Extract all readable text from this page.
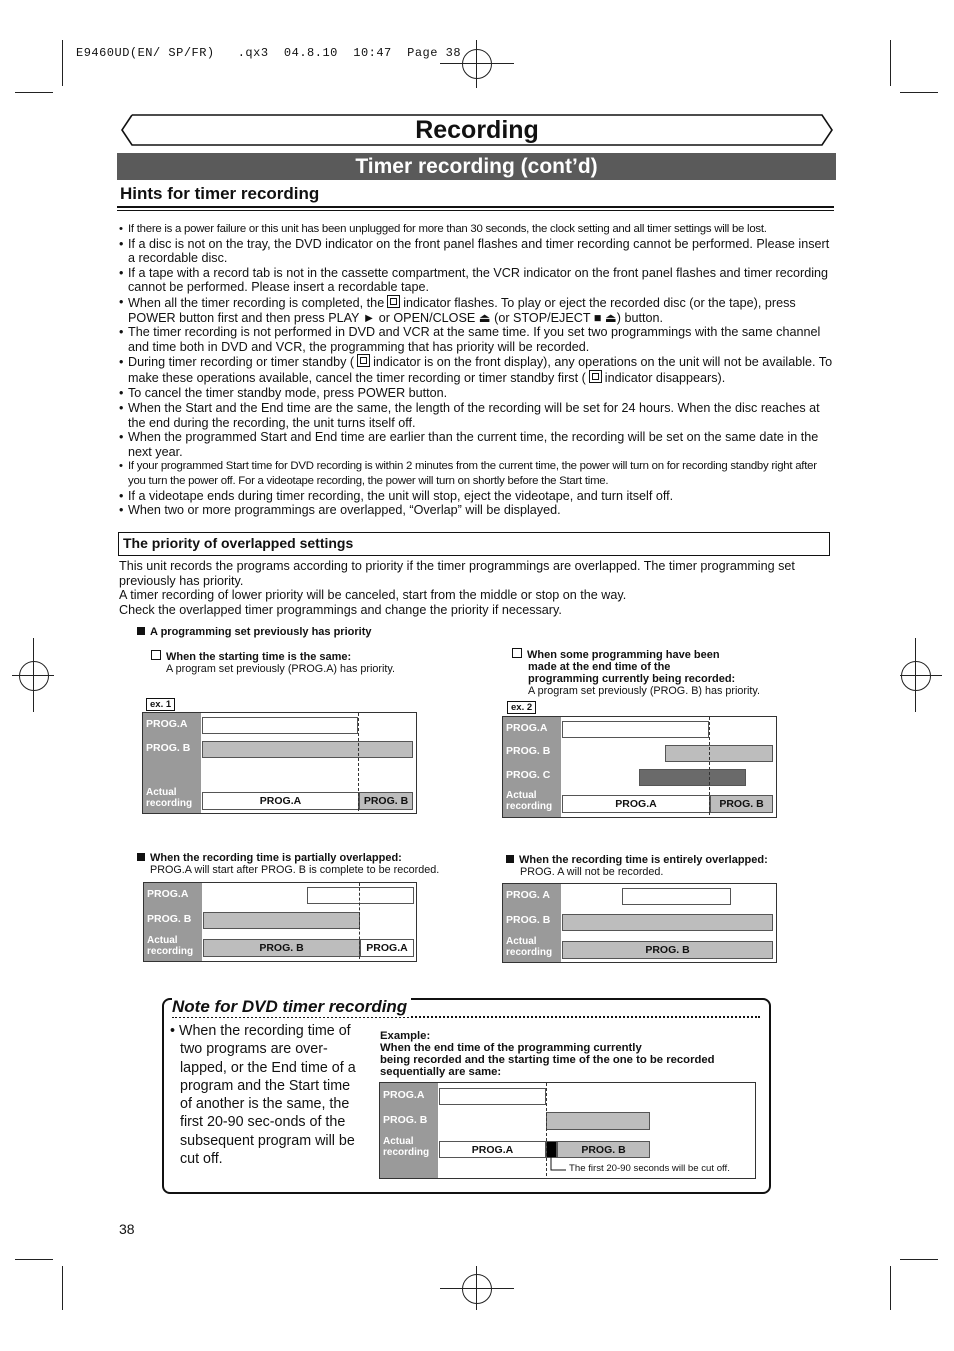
E9460UD(EN/ SP/FR)   .qx3  04.8.10  10:47  Page 38
Recording
Timer recording (cont’d)
Hints for timer recording
• If there is a power failure or this unit has been unplugged for more than 30 seconds, the clock setting and all timer settings will be lost.
• If a disc is not on the tray, the DVD indicator on the front panel flashes and timer recording cannot be performed. Please insert a recordable disc.
• If a tape with a record tab is not in the cassette compartment, the VCR indicator on the front panel flashes and timer recording cannot be performed. Please insert a recordable tape.
• When all the timer recording is completed, the indicator flashes. To play or eject the recorded disc (or the tape), press POWER button first and then press PLAY ► or OPEN/CLOSE ⏏ (or STOP/EJECT ■ ⏏) button.
• The timer recording is not performed in DVD and VCR at the same time. If you set two programmings with the same channel and time both in DVD and VCR, the programming that has priority will be recorded.
• During timer recording or timer standby ( indicator is on the front display), any operations on the unit will not be available. To make these operations available, cancel the timer recording or timer standby first ( indicator disappears).
• To cancel the timer standby mode, press POWER button.
• When the Start and the End time are the same, the length of the recording will be set for 24 hours. When the disc reaches at the end during the recording, the unit turns itself off.
• When the programmed Start and End time are earlier than the current time, the recording will be set on the same date in the next year.
• If your programmed Start time for DVD recording is within 2 minutes from the current time, the power will turn on for recording standby right after you turn the power off. For a videotape recording, the power will turn on shortly before the Start time.
• If a videotape ends during timer recording, the unit will stop, eject the videotape, and turn itself off.
• When two or more programmings are overlapped, “Overlap” will be displayed.
The priority of overlapped settings
This unit records the programs according to priority if the timer programmings are overlapped. The timer programming set previously has priority.
A timer recording of lower priority will be canceled, start from the middle or stop on the way.
Check the overlapped timer programmings and change the priority if necessary.
A programming set previously has priority
When the starting time is the same:
A program set previously (PROG.A) has priority.
When some programming have been
made at the end time of the
programming currently being recorded:
A program set previously (PROG. B) has priority.
ex. 1
PROG.A
PROG. B
Actual
recording	PROG.A	PROG. B
ex. 2
PROG.A
PROG. B
PROG. C
Actual
recording	PROG.A	PROG. B
When the recording time is partially overlapped:
PROG.A will start after PROG. B is complete to be recorded.
PROG.A
PROG. B
Actual
recording	PROG. B	PROG.A
When the recording time is entirely overlapped:
PROG. A will not be recorded.
PROG. A
PROG. B
Actual
recording	PROG. B
Note for DVD timer recording
• When the recording time of two programs are over-lapped, or the End time of a program and the Start time of another is the same, the first 20-90 sec-onds of the subsequent program will be cut off.
Example:
When the end time of the programming currently
being recorded and the starting time of the one to be recorded
sequentially are same:
PROG.A
PROG. B
Actual
recording	PROG.A	PROG. B
The first 20-90 seconds will be cut off.
38
